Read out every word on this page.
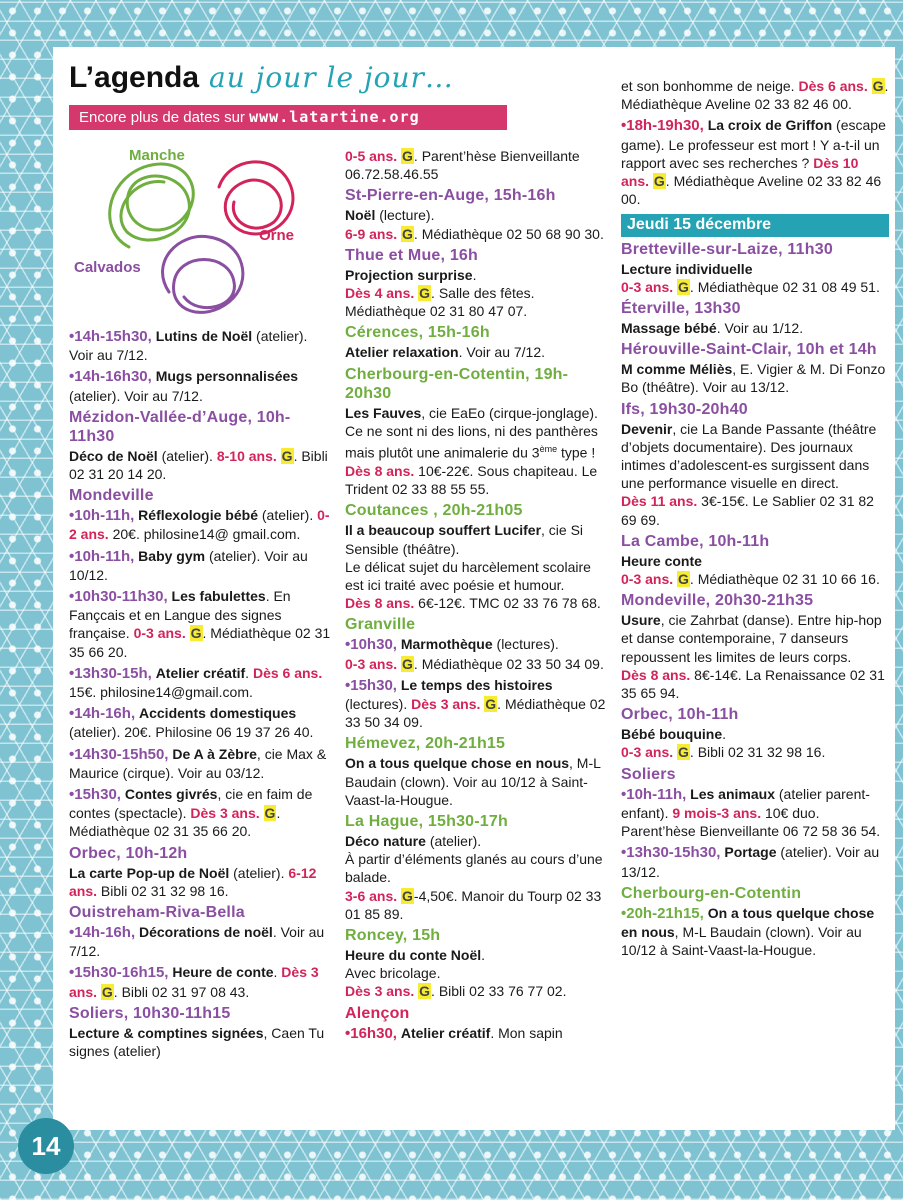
L’agenda au jour le jour…
Encore plus de dates sur www.latartine.org
Manche
Orne
Calvados

•14h-15h30, Lutins de Noël (atelier). Voir au 7/12.

•14h-16h30, Mugs personnalisées (atelier). Voir au 7/12.

Mézidon-Vallée-d’Auge, 10h-11h30

Déco de Noël (atelier). 8-10 ans. G. Bibli 02 31 20 14 20.

Mondeville

•10h-11h, Réflexologie bébé (atelier). 0-2 ans. 20€. philosine14@ gmail.com.

•10h-11h, Baby gym (atelier). Voir au 10/12.

•10h30-11h30, Les fabulettes. En Fançcais et en Langue des signes française. 0-3 ans. G. Médiathèque 02 31 35 66 20.

•13h30-15h, Atelier créatif. Dès 6 ans. 15€. philosine14@gmail.com.

•14h-16h, Accidents domestiques (atelier). 20€. Philosine 06 19 37 26 40.

•14h30-15h50, De A à Zèbre, cie Max & Maurice (cirque). Voir au 03/12.

•15h30, Contes givrés, cie en faim de contes (spectacle). Dès 3 ans. G. Médiathèque 02 31 35 66 20.

Orbec, 10h-12h

La carte Pop-up de Noël (atelier). 6-12 ans. Bibli 02 31 32 98 16.

Ouistreham-Riva-Bella

•14h-16h, Décorations de noël. Voir au 7/12.

•15h30-16h15, Heure de conte. Dès 3 ans. G. Bibli 02 31 97 08 43.

Soliers, 10h30-11h15

Lecture & comptines signées, Caen Tu signes (atelier)

0-5 ans. G. Parent’hèse Bienveillante 06.72.58.46.55

St-Pierre-en-Auge, 15h-16h

Noël (lecture).
6-9 ans. G. Médiathèque 02 50 68 90 30.

Thue et Mue, 16h

Projection surprise.
Dès 4 ans. G. Salle des fêtes. Médiathèque 02 31 80 47 07.

Cérences, 15h-16h

Atelier relaxation. Voir au 7/12.

Cherbourg-en-Cotentin, 19h-20h30

Les Fauves, cie EaEo (cirque-jonglage). Ce ne sont ni des lions, ni des panthères mais plutôt une animalerie du 3ème type !
Dès 8 ans. 10€-22€. Sous chapiteau. Le Trident 02 33 88 55 55.

Coutances , 20h-21h05

Il a beaucoup souffert Lucifer, cie Si Sensible (théâtre).
Le délicat sujet du harcèlement scolaire est ici traité avec poésie et humour.
Dès 8 ans. 6€-12€. TMC 02 33 76 78 68.

Granville

•10h30, Marmothèque (lectures).
0-3 ans. G. Médiathèque 02 33 50 34 09.

•15h30, Le temps des histoires (lectures). Dès 3 ans. G. Médiathèque 02 33 50 34 09.

Hémevez, 20h-21h15

On a tous quelque chose en nous, M-L Baudain (clown). Voir au 10/12 à Saint-Vaast-la-Hougue.

La Hague, 15h30-17h

Déco nature (atelier).
À partir d’éléments glanés au cours d’une balade.
3-6 ans. G-4,50€. Manoir du Tourp 02 33 01 85 89.

Roncey, 15h

Heure du conte Noël.
Avec bricolage.
Dès 3 ans. G. Bibli 02 33 76 77 02.

Alençon

•16h30, Atelier créatif. Mon sapin

et son bonhomme de neige. Dès 6 ans. G. Médiathèque Aveline 02 33 82 46 00.

•18h-19h30, La croix de Griffon (escape game). Le professeur est mort ! Y a-t-il un rapport avec ses recherches ? Dès 10 ans. G. Médiathèque Aveline 02 33 82 46 00.

Jeudi 15 décembre
Bretteville-sur-Laize, 11h30

Lecture individuelle
0-3 ans. G. Médiathèque 02 31 08 49 51.

Éterville, 13h30

Massage bébé. Voir au 1/12.

Hérouville-Saint-Clair, 10h et 14h

M comme Méliès, E. Vigier & M. Di Fonzo Bo (théâtre). Voir au 13/12.

Ifs, 19h30-20h40

Devenir, cie La Bande Passante (théâtre d’objets documentaire). Des journaux intimes d’adolescent-es surgissent dans une performance visuelle en direct.
Dès 11 ans. 3€-15€. Le Sablier 02 31 82 69 69.

La Cambe, 10h-11h

Heure conte
0-3 ans. G. Médiathèque 02 31 10 66 16.

Mondeville, 20h30-21h35

Usure, cie Zahrbat (danse). Entre hip-hop et danse contemporaine, 7 danseurs repoussent les limites de leurs corps.
Dès 8 ans. 8€-14€. La Renaissance 02 31 35 65 94.

Orbec, 10h-11h

Bébé bouquine.
0-3 ans. G. Bibli 02 31 32 98 16.

Soliers

•10h-11h, Les animaux (atelier parent- enfant). 9 mois-3 ans. 10€ duo. Parent’hèse Bienveillante 06 72 58 36 54.

•13h30-15h30, Portage (atelier). Voir au 13/12.

Cherbourg-en-Cotentin

•20h-21h15, On a tous quelque chose en nous, M-L Baudain (clown). Voir au 10/12 à Saint-Vaast-la-Hougue.

14
